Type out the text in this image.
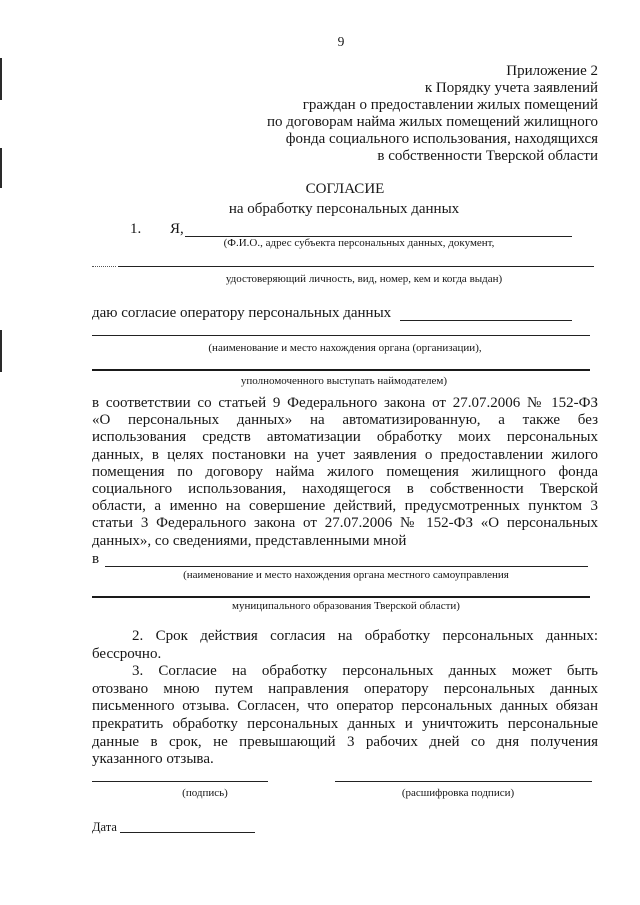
9
Приложение 2
к Порядку учета заявлений
граждан о предоставлении жилых помещений
по договорам найма жилых помещений жилищного
фонда социального использования, находящихся
в собственности Тверской области
СОГЛАСИЕ
на обработку персональных данных
1. Я,
(Ф.И.О., адрес субъекта персональных данных, документ,
удостоверяющий личность, вид, номер, кем и когда выдан)
даю согласие оператору персональных данных
(наименование и место нахождения органа (организации),
уполномоченного выступать наймодателем)
в соответствии со статьей 9 Федерального закона от 27.07.2006 № 152-ФЗ
«О персональных данных» на автоматизированную, а также без
использования средств автоматизации обработку моих персональных
данных, в целях постановки на учет заявления о предоставлении жилого
помещения по договору найма жилого помещения жилищного фонда
социального использования, находящегося в собственности Тверской
области, а именно на совершение действий, предусмотренных пунктом 3
статьи 3 Федерального закона от 27.07.2006 № 152-ФЗ «О персональных
данных», со сведениями, представленными мной
в
(наименование и место нахождения органа местного самоуправления
муниципального образования Тверской области)
2. Срок действия согласия на обработку персональных данных:
бессрочно.
3. Согласие на обработку персональных данных может быть
отозвано мною путем направления оператору персональных данных
письменного отзыва. Согласен, что оператор персональных данных обязан
прекратить обработку персональных данных и уничтожить персональные
данные в срок, не превышающий 3 рабочих дней со дня получения
указанного отзыва.
(подпись)	(расшифровка подписи)
Дата
